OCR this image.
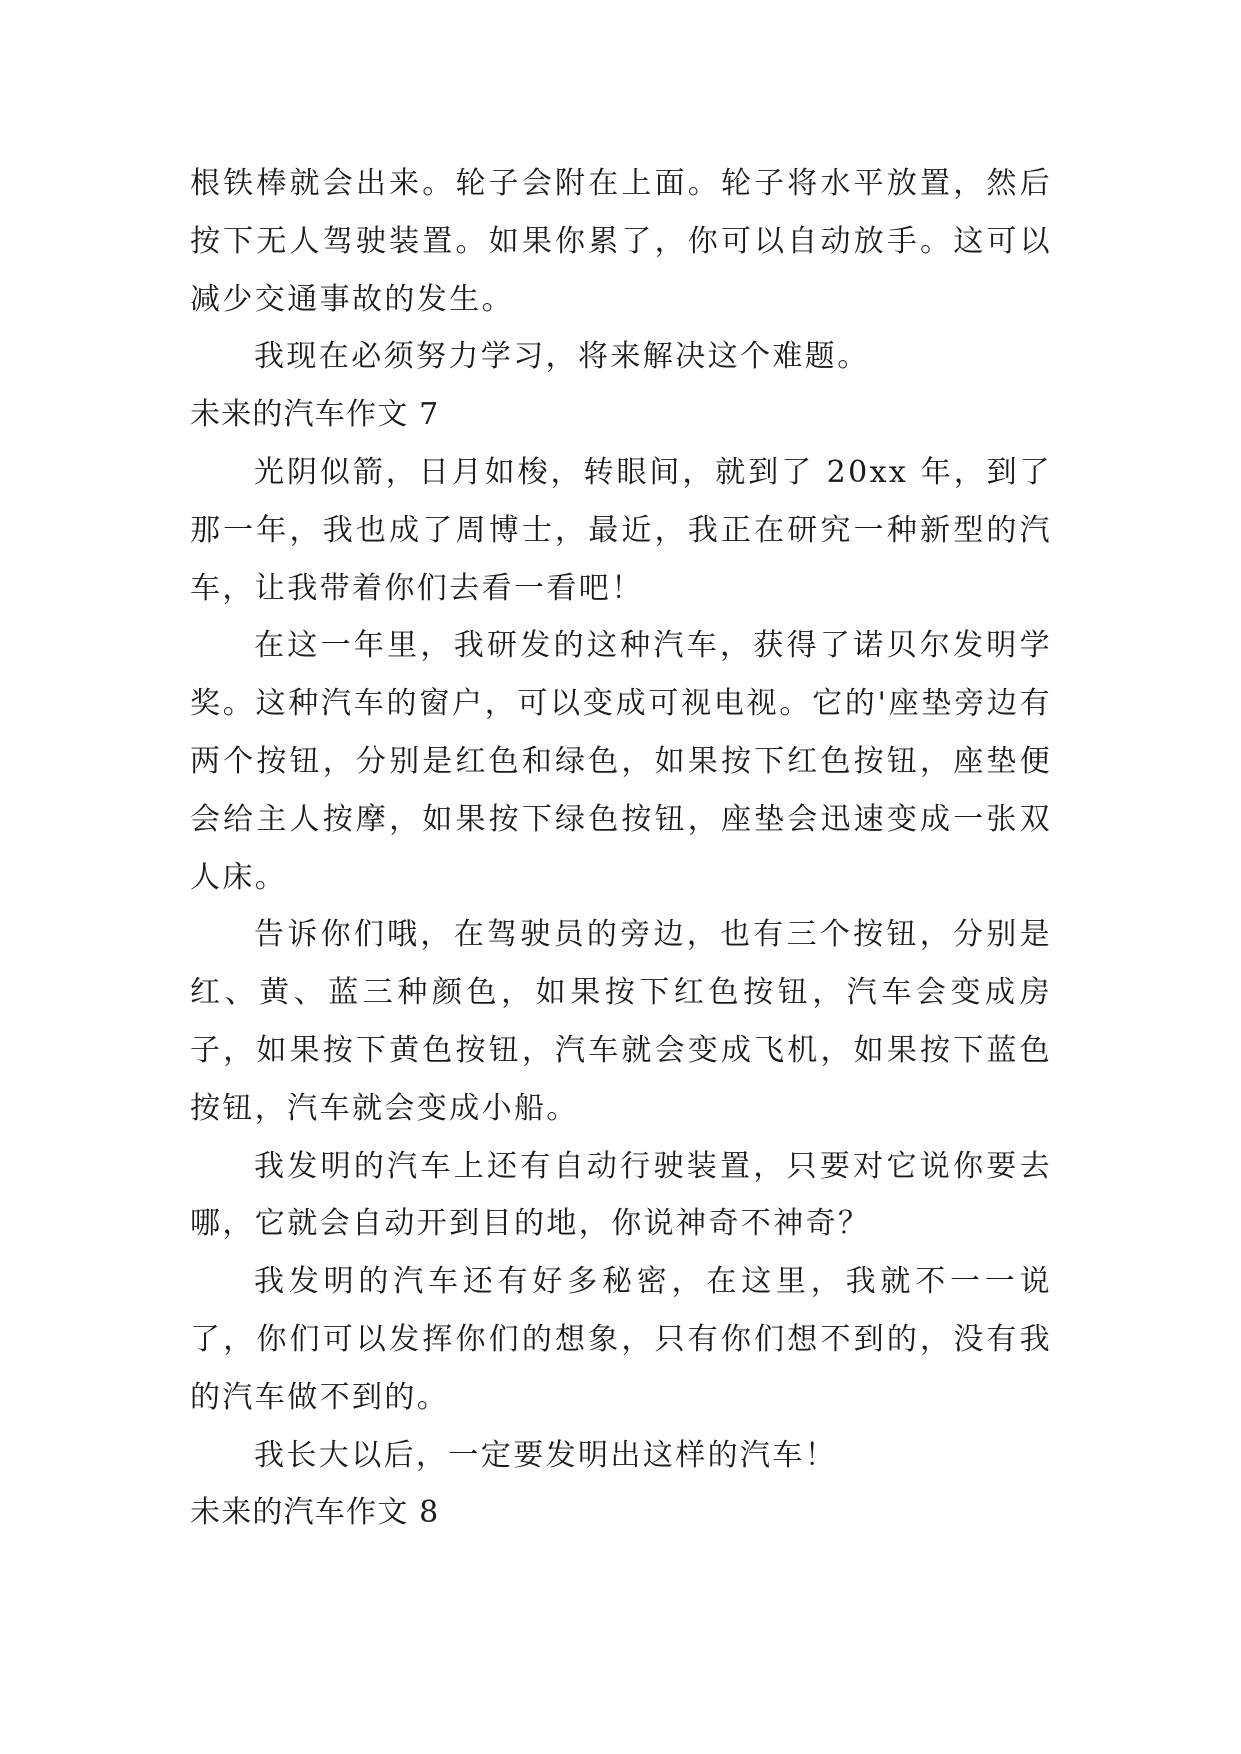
根铁棒就会出来。轮子会附在上面。轮子将水平放置，然后按下无人驾驶装置。如果你累了，你可以自动放手。这可以减少交通事故的发生。

我现在必须努力学习，将来解决这个难题。

未来的汽车作文 7

光阴似箭，日月如梭，转眼间，就到了 20xx 年，到了那一年，我也成了周博士，最近，我正在研究一种新型的汽车，让我带着你们去看一看吧！

在这一年里，我研发的这种汽车，获得了诺贝尔发明学奖。这种汽车的窗户，可以变成可视电视。它的'座垫旁边有两个按钮，分别是红色和绿色，如果按下红色按钮，座垫便会给主人按摩，如果按下绿色按钮，座垫会迅速变成一张双人床。

告诉你们哦，在驾驶员的旁边，也有三个按钮，分别是红、黄、蓝三种颜色，如果按下红色按钮，汽车会变成房子，如果按下黄色按钮，汽车就会变成飞机，如果按下蓝色按钮，汽车就会变成小船。

我发明的汽车上还有自动行驶装置，只要对它说你要去哪，它就会自动开到目的地，你说神奇不神奇？

我发明的汽车还有好多秘密，在这里，我就不一一说了，你们可以发挥你们的想象，只有你们想不到的，没有我的汽车做不到的。

我长大以后，一定要发明出这样的汽车！

未来的汽车作文 8
